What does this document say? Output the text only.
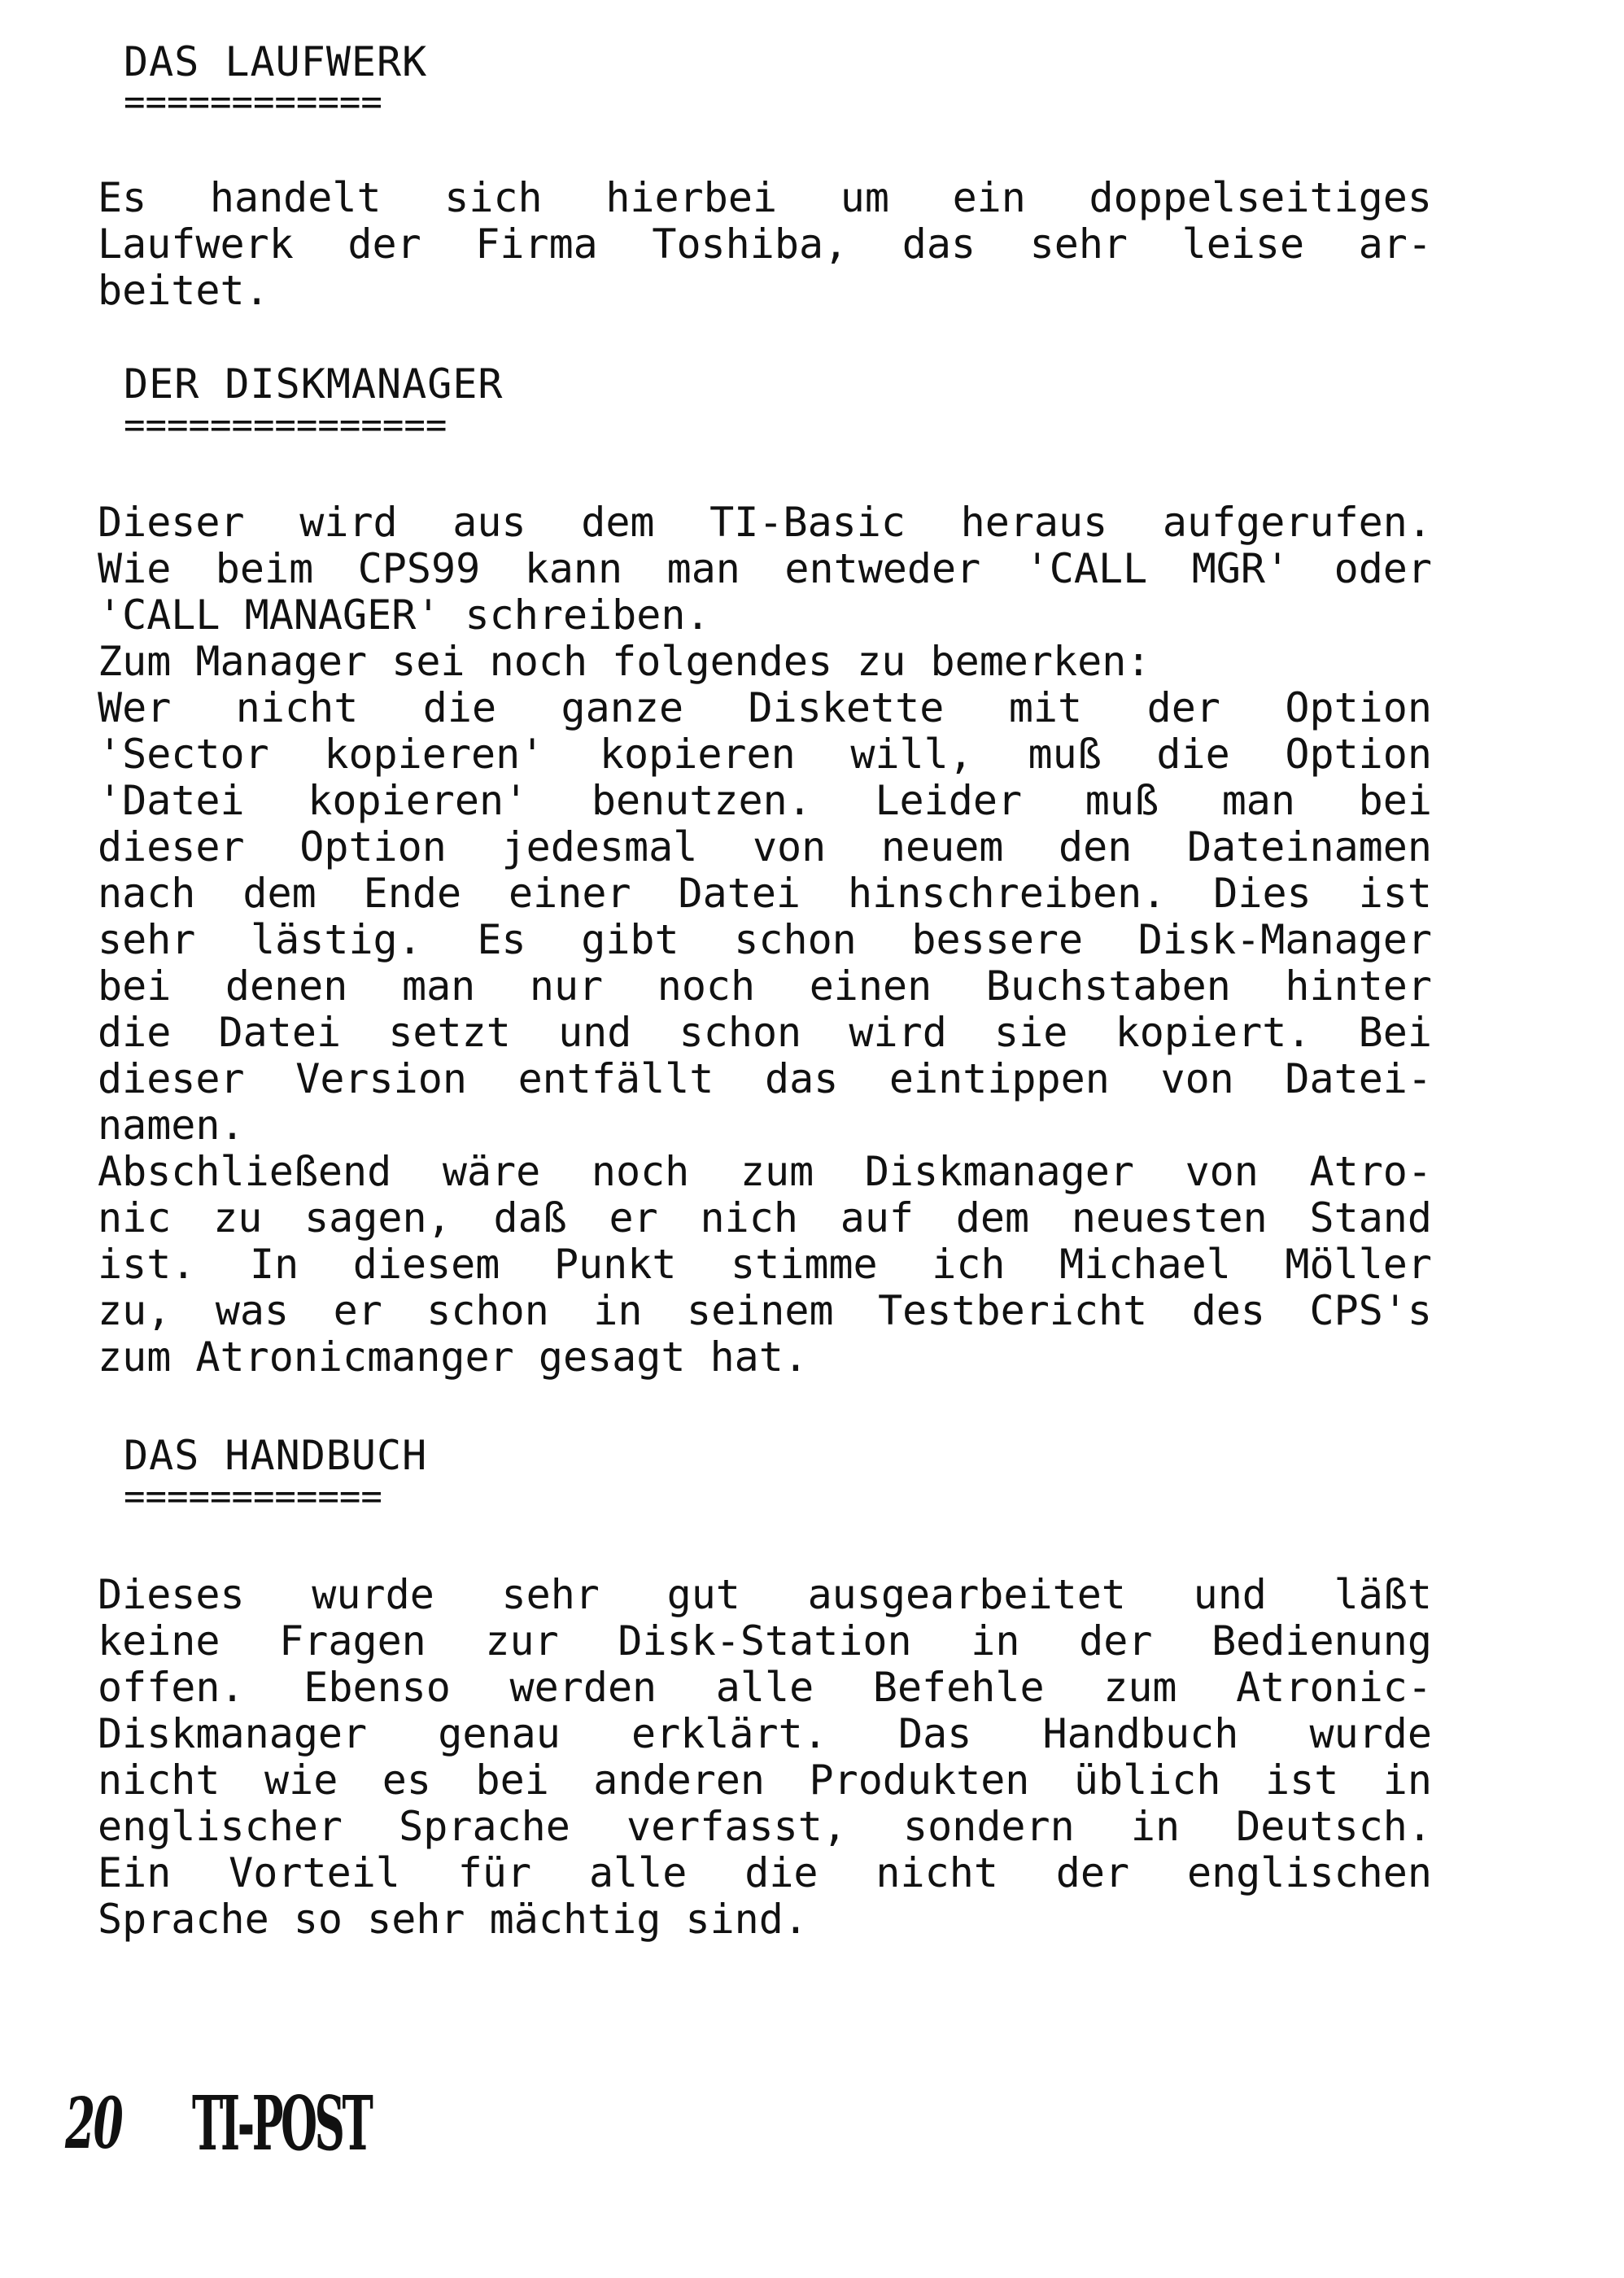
DAS LAUFWERK
============
Es handelt sich hierbei um ein doppelseitiges
Laufwerk der Firma Toshiba, das sehr leise ar-
beitet.
DER DISKMANAGER
===============
Dieser wird aus dem TI-Basic heraus aufgerufen.
Wie beim CPS99 kann man entweder 'CALL MGR' oder
'CALL MANAGER' schreiben.
Zum Manager sei noch folgendes zu bemerken:
Wer nicht die ganze Diskette mit der Option
'Sector kopieren' kopieren will, muß die Option
'Datei kopieren' benutzen. Leider muß man bei
dieser Option jedesmal von neuem den Dateinamen
nach dem Ende einer Datei hinschreiben. Dies ist
sehr lästig. Es gibt schon bessere Disk-Manager
bei denen man nur noch einen Buchstaben hinter
die Datei setzt und schon wird sie kopiert. Bei
dieser Version entfällt das eintippen von Datei-
namen.
Abschließend wäre noch zum Diskmanager von Atro-
nic zu sagen, daß er nich auf dem neuesten Stand
ist. In diesem Punkt stimme ich Michael Möller
zu, was er schon in seinem Testbericht des CPS's
zum Atronicmanger gesagt hat.
DAS HANDBUCH
============
Dieses wurde sehr gut ausgearbeitet und läßt
keine Fragen zur Disk-Station in der Bedienung
offen. Ebenso werden alle Befehle zum Atronic-
Diskmanager genau erklärt. Das Handbuch wurde
nicht wie es bei anderen Produkten üblich ist in
englischer Sprache verfasst, sondern in Deutsch.
Ein Vorteil für alle die nicht der englischen
Sprache so sehr mächtig sind.
20 TI-POST
